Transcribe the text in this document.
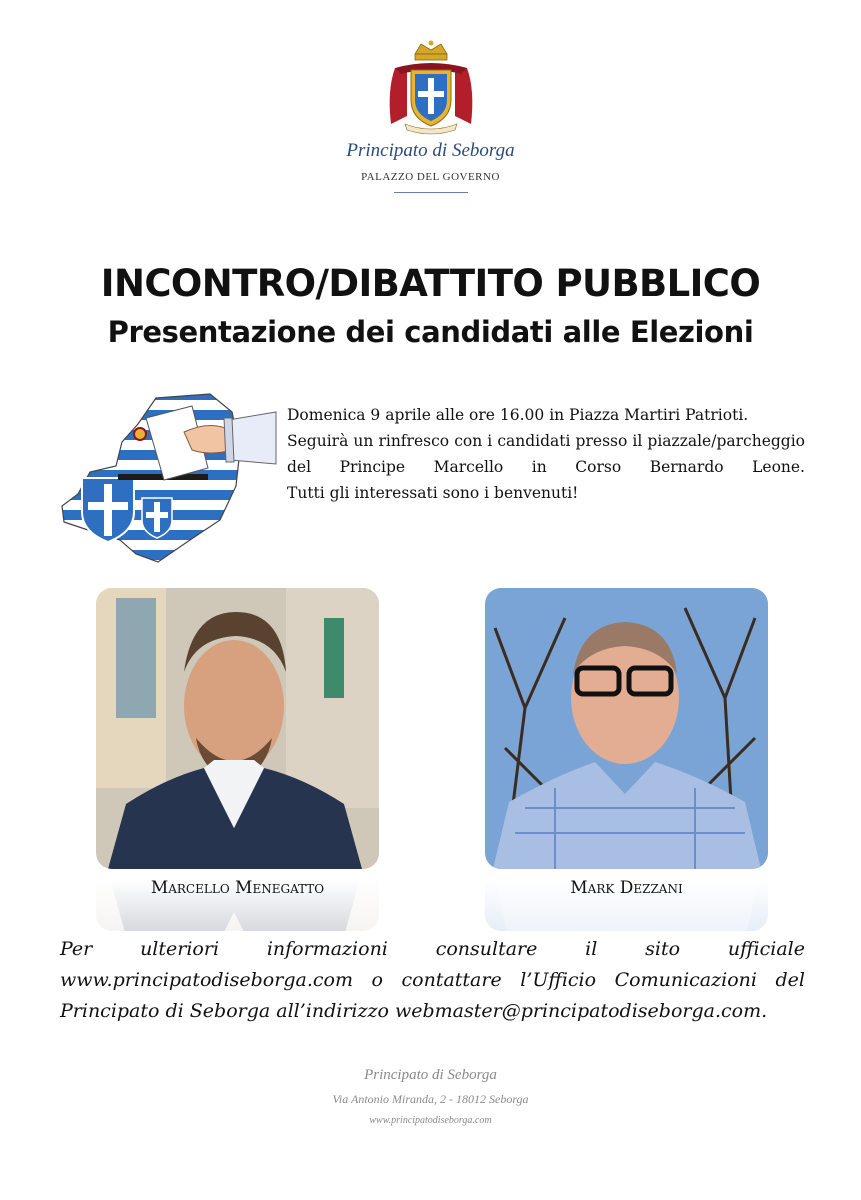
Principato di Seborga
PALAZZO DEL GOVERNO
INCONTRO/DIBATTITO PUBBLICO
Presentazione dei candidati alle Elezioni

Domenica 9 aprile alle ore 16.00 in Piazza Martiri Patrioti.

Seguirà un rinfresco con i candidati presso il piazzale/parcheggio del Principe Marcello in Corso Bernardo Leone.

Tutti gli interessati sono i benvenuti!

Marcello Menegatto	Mark Dezzani

Per ulteriori informazioni consultare il sito ufficiale www.principatodiseborga.com o contattare l’Ufficio Comunicazioni del Principato di Seborga all’indirizzo webmaster@principatodiseborga.com.

Principato di Seborga
Via Antonio Miranda, 2 - 18012 Seborga
www.principatodiseborga.com
